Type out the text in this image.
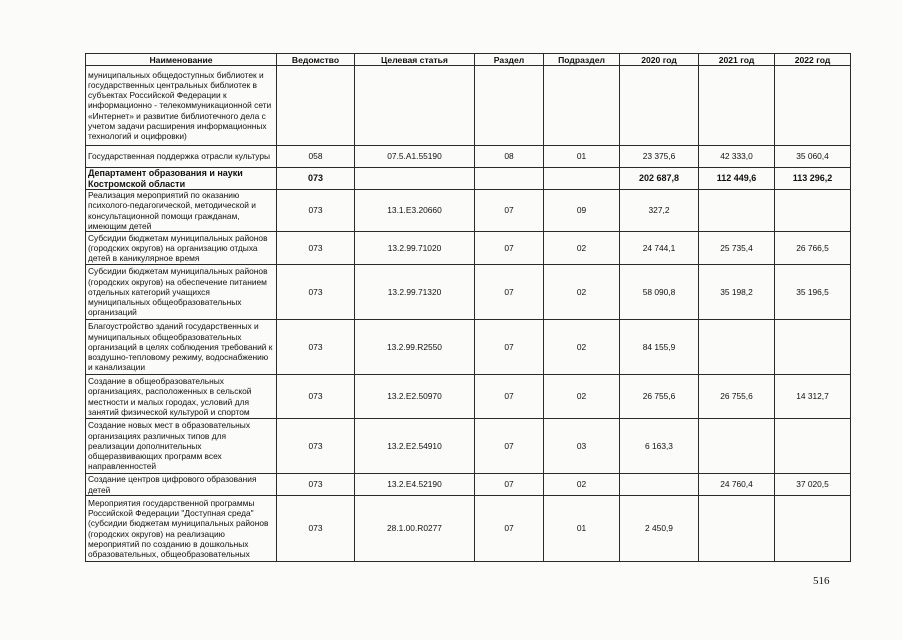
Наименование	Ведомство	Целевая статья	Раздел	Подраздел	2020 год	2021 год	2022 год
муниципальных общедоступных библиотек и государственных центральных библиотек в субъектах Российской Федерации к информационно - телекоммуникационной сети «Интернет» и развитие библиотечного дела с учетом задачи расширения информационных технологий и оцифровки)							
Государственная поддержка отрасли культуры	058	07.5.А1.55190	08	01	23 375,6	42 333,0	35 060,4
Департамент образования и науки Костромской области	073				202 687,8	112 449,6	113 296,2
Реализация мероприятий по оказанию психолого-педагогической, методической и консультационной помощи гражданам, имеющим детей	073	13.1.Е3.20660	07	09	327,2		
Субсидии бюджетам муниципальных районов (городских округов) на организацию отдыха детей в каникулярное время	073	13.2.99.71020	07	02	24 744,1	25 735,4	26 766,5
Субсидии бюджетам муниципальных районов (городских округов) на обеспечение питанием отдельных категорий учащихся муниципальных общеобразовательных организаций	073	13.2.99.71320	07	02	58 090,8	35 198,2	35 196,5
Благоустройство зданий государственных и муниципальных общеобразовательных организаций в целях соблюдения требований к воздушно-тепловому режиму, водоснабжению и канализации	073	13.2.99.R2550	07	02	84 155,9		
Создание в общеобразовательных организациях, расположенных в сельской местности и малых городах, условий для занятий физической культурой и спортом	073	13.2.Е2.50970	07	02	26 755,6	26 755,6	14 312,7
Создание новых мест в образовательных организациях различных типов для реализации дополнительных общеразвивающих программ всех направленностей	073	13.2.Е2.54910	07	03	6 163,3		
Создание центров цифрового образования детей	073	13.2.Е4.52190	07	02		24 760,4	37 020,5
Мероприятия государственной программы Российской Федерации "Доступная среда" (субсидии бюджетам муниципальных районов (городских округов) на реализацию мероприятий по созданию в дошкольных образовательных, общеобразовательных	073	28.1.00.R0277	07	01	2 450,9		
516
